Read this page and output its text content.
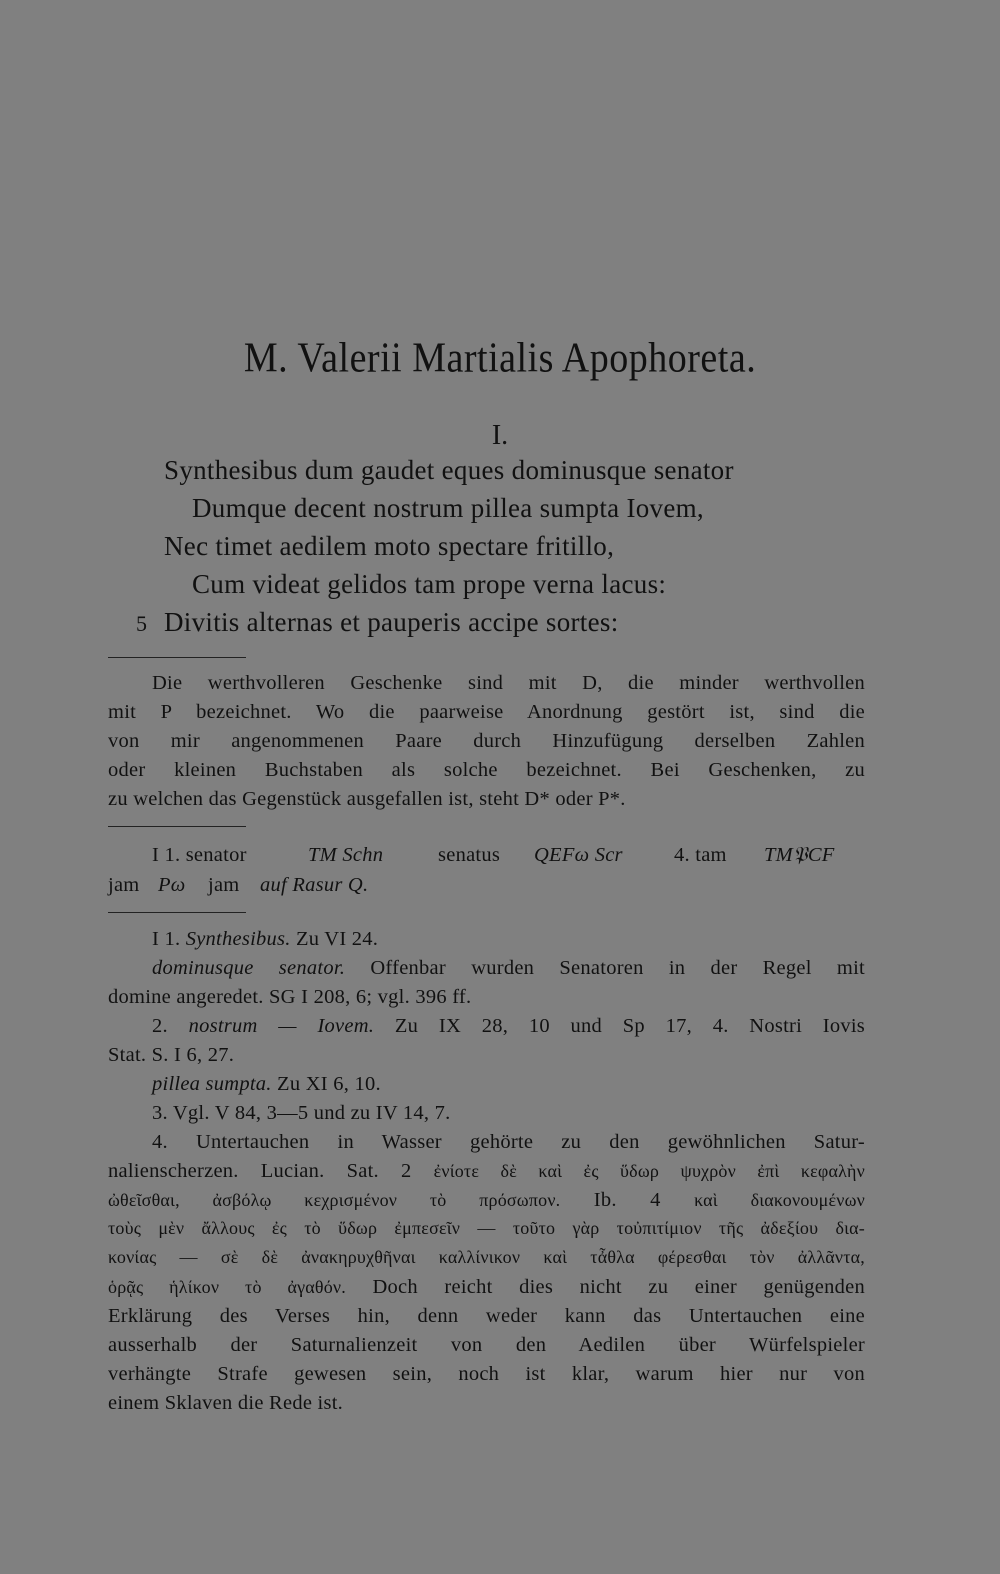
M. Valerii Martialis Apophoreta.
I.
Synthesibus dum gaudet eques dominusque senator
Dumque decent nostrum pillea sumpta Iovem,
Nec timet aedilem moto spectare fritillo,
Cum videat gelidos tam prope verna lacus:
5 Divitis alternas et pauperis accipe sortes:
Die werthvolleren Geschenke sind mit D, die minder werthvollen
mit P bezeichnet. Wo die paarweise Anordnung gestört ist, sind die
von mir angenommenen Paare durch Hinzufügung derselben Zahlen
oder kleinen Buchstaben als solche bezeichnet. Bei Geschenken, zu
zu welchen das Gegenstück ausgefallen ist, steht D* oder P*.
I 1. senator	TM Schn	senatus QEFω Scr 4. tam TM𝔓CF
jam Pω jam auf Rasur Q.
I 1. Synthesibus. Zu VI 24.
dominusque senator. Offenbar wurden Senatoren in der Regel mit
domine angeredet. SG I 208, 6; vgl. 396 ff.
2. nostrum — Iovem. Zu IX 28, 10 und Sp 17, 4. Nostri Iovis
Stat. S. I 6, 27.
pillea sumpta. Zu XI 6, 10.
3. Vgl. V 84, 3—5 und zu IV 14, 7.
4. Untertauchen in Wasser gehörte zu den gewöhnlichen Satur-
nalienscherzen. Lucian. Sat. 2 ἐνίοτε δὲ καὶ ἐς ὕδωρ ψυχρὸν ἐπὶ κεφαλὴν
ὠθεῖσθαι, ἀσβόλῳ κεχρισμένον τὸ πρόσωπον. Ib. 4 καὶ διακονουμένων
τοὺς μὲν ἄλλους ἐς τὸ ὕδωρ ἐμπεσεῖν — τοῦτο γὰρ τοὐπιτίμιον τῆς ἀδεξίου δια-
κονίας — σὲ δὲ ἀνακηρυχθῆναι καλλίνικον καὶ τἆθλα φέρεσθαι τὸν ἀλλᾶντα,
ὁρᾷς ἡλίκον τὸ ἀγαθόν. Doch reicht dies nicht zu einer genügenden
Erklärung des Verses hin, denn weder kann das Untertauchen eine
ausserhalb der Saturnalienzeit von den Aedilen über Würfelspieler
verhängte Strafe gewesen sein, noch ist klar, warum hier nur von
einem Sklaven die Rede ist.
